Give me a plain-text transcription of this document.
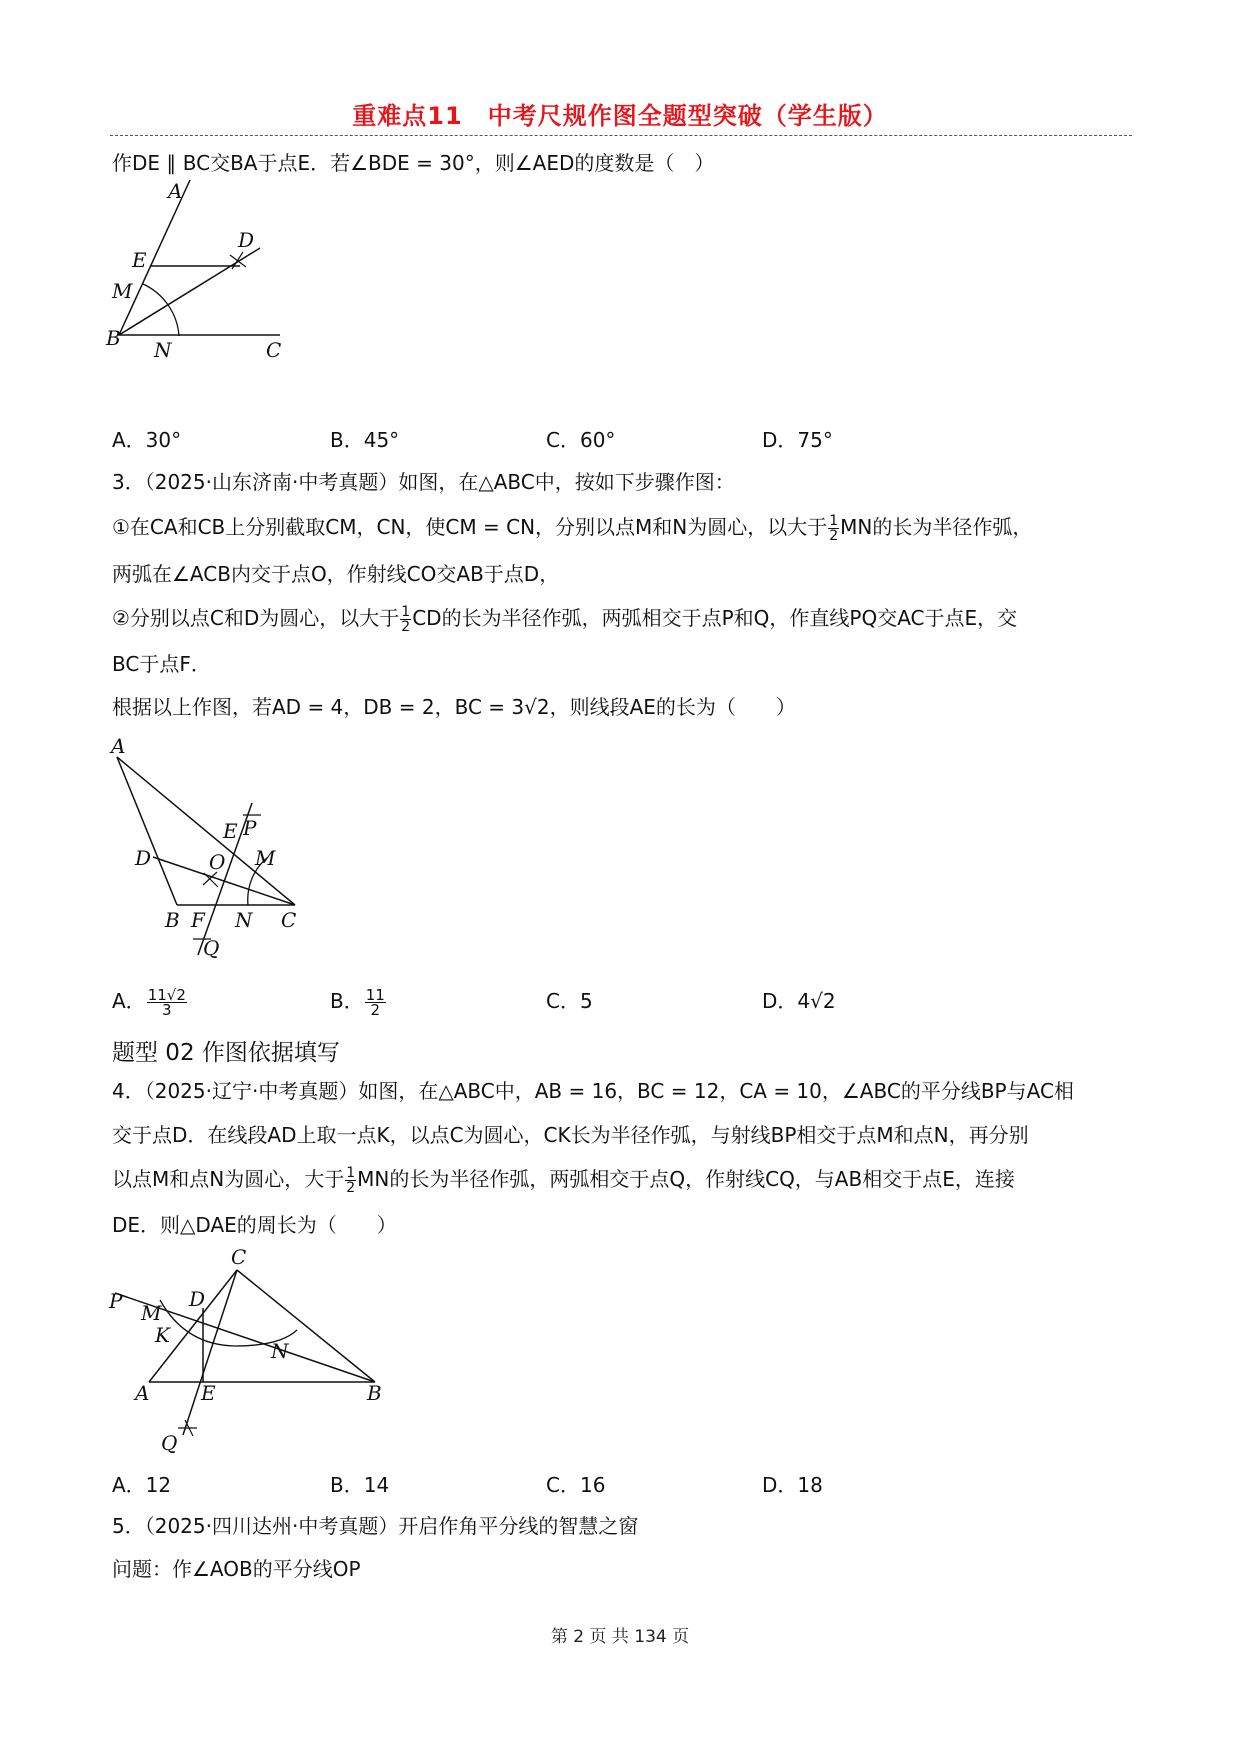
重难点11　中考尺规作图全题型突破（学生版）
作DE ∥ BC交BA于点E．若∠BDE = 30°，则∠AED的度数是（　）
A
D
E
M
B N	C
A．30°	B．45°	C．60°	D．75°
3．（2025·山东济南·中考真题）如图，在△ABC中，按如下步骤作图：
①在CA和CB上分别截取CM，CN，使CM = CN，分别以点M和N为圆心，以大于 $\frac{1}{2}$ MN的长为半径作弧，
两弧在∠ACB内交于点O，作射线CO交AB于点D，
②分别以点C和D为圆心，以大于 $\frac{1}{2}$ CD的长为半径作弧，两弧相交于点P和Q，作直线PQ交AC于点E，交
BC于点F．
根据以上作图，若AD = 4，DB = 2，BC = 3√2，则线段AE的长为（　　）
A
E P
D	O M
B F N C
Q
A． $\frac{11√2}{3}$	B． $\frac{11}{2}$	C．5	D．4√2
题型 02 作图依据填写
4．（2025·辽宁·中考真题）如图，在△ABC中，AB = 16，BC = 12，CA = 10，∠ABC的平分线BP与AC相
交于点D．在线段AD上取一点K，以点C为圆心，CK长为半径作弧，与射线BP相交于点M和点N，再分别
以点M和点N为圆心，大于 $\frac{1}{2}$ MN的长为半径作弧，两弧相交于点Q，作射线CQ，与AB相交于点E，连接
DE．则△DAE的周长为（　　）
C
P	D
M
K
N
A	E	B
Q
A．12	B．14	C．16	D．18
5．（2025·四川达州·中考真题）开启作角平分线的智慧之窗
问题：作∠AOB的平分线OP
第 2 页 共 134 页
